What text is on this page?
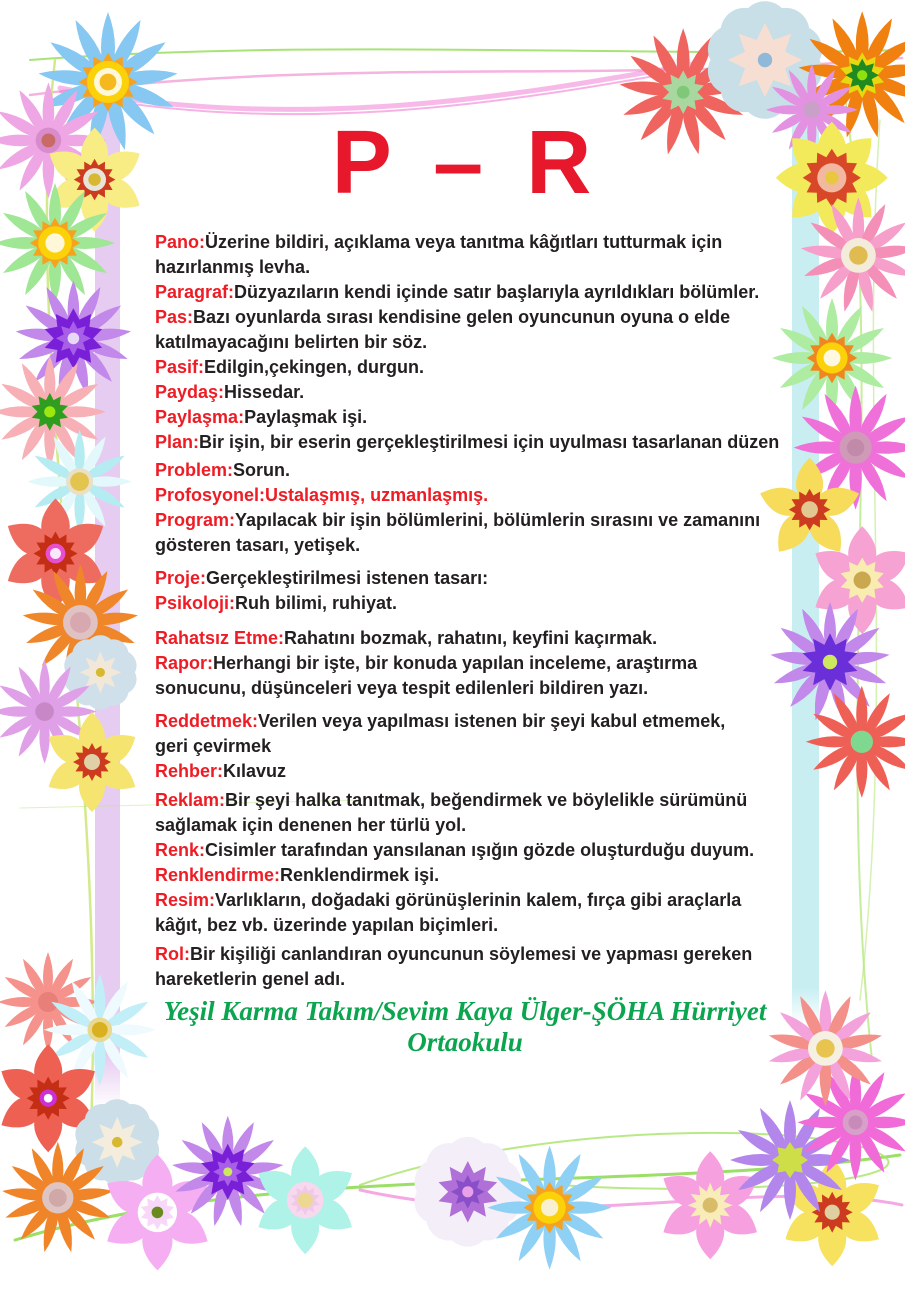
P – R
Pano:Üzerine bildiri, açıklama veya tanıtma kâğıtları tutturmak için
hazırlanmış levha.
Paragraf:Düzyazıların kendi içinde satır başlarıyla ayrıldıkları bölümler.
Pas:Bazı oyunlarda sırası kendisine gelen oyuncunun oyuna o elde
katılmayacağını belirten bir söz.
Pasif:Edilgin,çekingen, durgun.
Paydaş:Hissedar.
Paylaşma:Paylaşmak işi.
Plan:Bir işin, bir eserin gerçekleştirilmesi için uyulması tasarlanan düzen
Problem:Sorun.
Profosyonel:Ustalaşmış, uzmanlaşmış.
Program:Yapılacak bir işin bölümlerini, bölümlerin sırasını ve zamanını
gösteren tasarı, yetişek.
Proje:Gerçekleştirilmesi istenen tasarı:
Psikoloji:Ruh bilimi, ruhiyat.
Rahatsız Etme:Rahatını bozmak, rahatını, keyfini kaçırmak.
Rapor:Herhangi bir işte, bir konuda yapılan inceleme, araştırma
sonucunu, düşünceleri veya tespit edilenleri bildiren yazı.
Reddetmek:Verilen veya yapılması istenen bir şeyi kabul etmemek,
geri çevirmek
Rehber:Kılavuz
Reklam:Bir şeyi halka tanıtmak, beğendirmek ve böylelikle sürümünü
sağlamak için denenen her türlü yol.
Renk:Cisimler tarafından yansılanan ışığın gözde oluşturduğu duyum.
Renklendirme:Renklendirmek işi.
Resim:Varlıkların, doğadaki görünüşlerinin kalem, fırça gibi araçlarla
kâğıt, bez vb. üzerinde yapılan biçimleri.
Rol:Bir kişiliği canlandıran oyuncunun söylemesi ve yapması gereken
hareketlerin genel adı.
Yeşil Karma Takım/Sevim Kaya Ülger-ŞÖHA Hürriyet Ortaokulu
